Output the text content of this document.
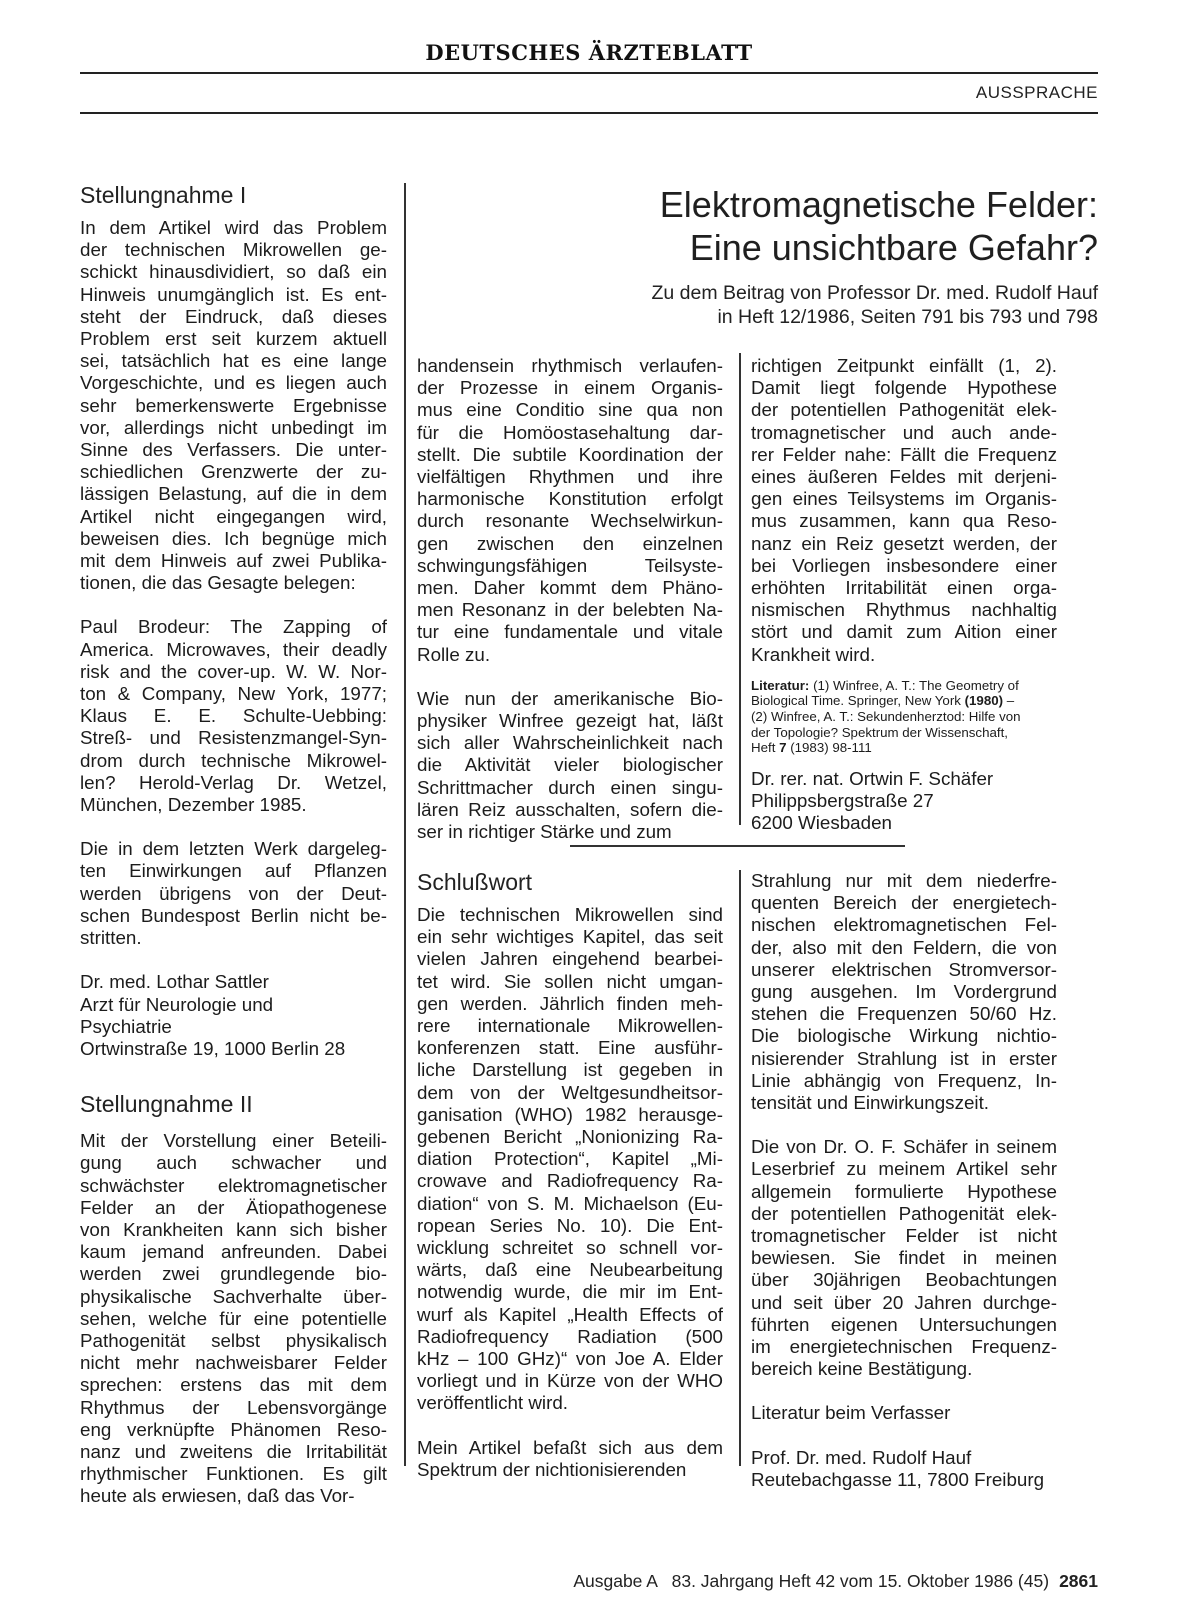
DEUTSCHES ÄRZTEBLATT
AUSSPRACHE
Elektromagnetische Felder:
Eine unsichtbare Gefahr?
Zu dem Beitrag von Professor Dr. med. Rudolf Hauf
in Heft 12/1986, Seiten 791 bis 793 und 798
Stellungnahme I
In dem Artikel wird das Problem
der technischen Mikrowellen ge-
schickt hinausdividiert, so daß ein
Hinweis unumgänglich ist. Es ent-
steht der Eindruck, daß dieses
Problem erst seit kurzem aktuell
sei, tatsächlich hat es eine lange
Vorgeschichte, und es liegen auch
sehr bemerkenswerte Ergebnisse
vor, allerdings nicht unbedingt im
Sinne des Verfassers. Die unter-
schiedlichen Grenzwerte der zu-
lässigen Belastung, auf die in dem
Artikel nicht eingegangen wird,
beweisen dies. Ich begnüge mich
mit dem Hinweis auf zwei Publika-
tionen, die das Gesagte belegen:
Paul Brodeur: The Zapping of
America. Microwaves, their deadly
risk and the cover-up. W. W. Nor-
ton & Company, New York, 1977;
Klaus E. E. Schulte-Uebbing:
Streß- und Resistenzmangel-Syn-
drom durch technische Mikrowel-
len? Herold-Verlag Dr. Wetzel,
München, Dezember 1985.
Die in dem letzten Werk dargeleg-
ten Einwirkungen auf Pflanzen
werden übrigens von der Deut-
schen Bundespost Berlin nicht be-
stritten.
Dr. med. Lothar Sattler
Arzt für Neurologie und
Psychiatrie
Ortwinstraße 19, 1000 Berlin 28
Stellungnahme II
Mit der Vorstellung einer Beteili-
gung auch schwacher und
schwächster elektromagnetischer
Felder an der Ätiopathogenese
von Krankheiten kann sich bisher
kaum jemand anfreunden. Dabei
werden zwei grundlegende bio-
physikalische Sachverhalte über-
sehen, welche für eine potentielle
Pathogenität selbst physikalisch
nicht mehr nachweisbarer Felder
sprechen: erstens das mit dem
Rhythmus der Lebensvorgänge
eng verknüpfte Phänomen Reso-
nanz und zweitens die Irritabilität
rhythmischer Funktionen. Es gilt
heute als erwiesen, daß das Vor-
handensein rhythmisch verlaufen-
der Prozesse in einem Organis-
mus eine Conditio sine qua non
für die Homöostasehaltung dar-
stellt. Die subtile Koordination der
vielfältigen Rhythmen und ihre
harmonische Konstitution erfolgt
durch resonante Wechselwirkun-
gen zwischen den einzelnen
schwingungsfähigen Teilsyste-
men. Daher kommt dem Phäno-
men Resonanz in der belebten Na-
tur eine fundamentale und vitale
Rolle zu.
Wie nun der amerikanische Bio-
physiker Winfree gezeigt hat, läßt
sich aller Wahrscheinlichkeit nach
die Aktivität vieler biologischer
Schrittmacher durch einen singu-
lären Reiz ausschalten, sofern die-
ser in richtiger Stärke und zum
richtigen Zeitpunkt einfällt (1, 2).
Damit liegt folgende Hypothese
der potentiellen Pathogenität elek-
tromagnetischer und auch ande-
rer Felder nahe: Fällt die Frequenz
eines äußeren Feldes mit derjeni-
gen eines Teilsystems im Organis-
mus zusammen, kann qua Reso-
nanz ein Reiz gesetzt werden, der
bei Vorliegen insbesondere einer
erhöhten Irritabilität einen orga-
nismischen Rhythmus nachhaltig
stört und damit zum Aition einer
Krankheit wird.
Literatur: (1) Winfree, A. T.: The Geometry of
Biological Time. Springer, New York (1980) –
(2) Winfree, A. T.: Sekundenherztod: Hilfe von
der Topologie? Spektrum der Wissenschaft,
Heft 7 (1983) 98-111
Dr. rer. nat. Ortwin F. Schäfer
Philippsbergstraße 27
6200 Wiesbaden
Schlußwort
Die technischen Mikrowellen sind
ein sehr wichtiges Kapitel, das seit
vielen Jahren eingehend bearbei-
tet wird. Sie sollen nicht umgan-
gen werden. Jährlich finden meh-
rere internationale Mikrowellen-
konferenzen statt. Eine ausführ-
liche Darstellung ist gegeben in
dem von der Weltgesundheitsor-
ganisation (WHO) 1982 herausge-
gebenen Bericht „Nonionizing Ra-
diation Protection“, Kapitel „Mi-
crowave and Radiofrequency Ra-
diation“ von S. M. Michaelson (Eu-
ropean Series No. 10). Die Ent-
wicklung schreitet so schnell vor-
wärts, daß eine Neubearbeitung
notwendig wurde, die mir im Ent-
wurf als Kapitel „Health Effects of
Radiofrequency Radiation (500
kHz – 100 GHz)“ von Joe A. Elder
vorliegt und in Kürze von der WHO
veröffentlicht wird.
Mein Artikel befaßt sich aus dem
Spektrum der nichtionisierenden
Strahlung nur mit dem niederfre-
quenten Bereich der energietech-
nischen elektromagnetischen Fel-
der, also mit den Feldern, die von
unserer elektrischen Stromversor-
gung ausgehen. Im Vordergrund
stehen die Frequenzen 50/60 Hz.
Die biologische Wirkung nichtio-
nisierender Strahlung ist in erster
Linie abhängig von Frequenz, In-
tensität und Einwirkungszeit.
Die von Dr. O. F. Schäfer in seinem
Leserbrief zu meinem Artikel sehr
allgemein formulierte Hypothese
der potentiellen Pathogenität elek-
tromagnetischer Felder ist nicht
bewiesen. Sie findet in meinen
über 30jährigen Beobachtungen
und seit über 20 Jahren durchge-
führten eigenen Untersuchungen
im energietechnischen Frequenz-
bereich keine Bestätigung.
Literatur beim Verfasser
Prof. Dr. med. Rudolf Hauf
Reutebachgasse 11, 7800 Freiburg
Ausgabe A   83. Jahrgang Heft 42 vom 15. Oktober 1986 (45) 2861
